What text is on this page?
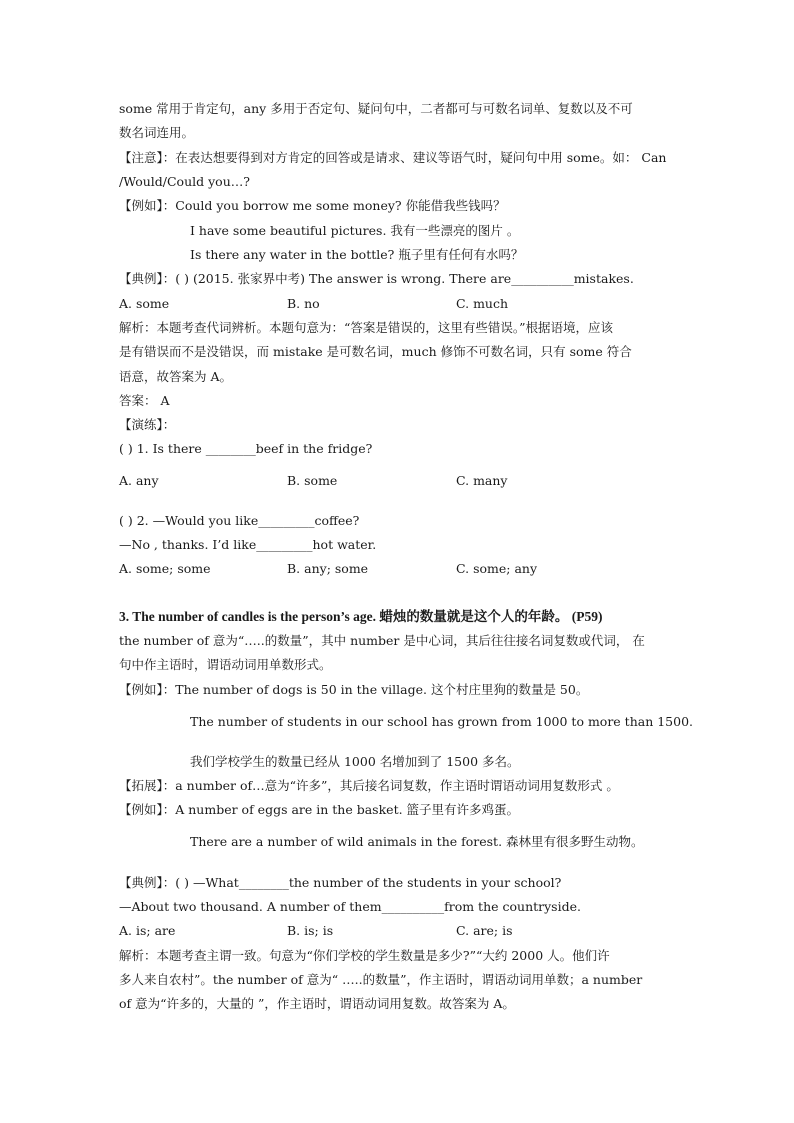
some 常用于肯定句，any 多用于否定句、疑问句中，二者都可与可数名词单、复数以及不可
数名词连用。
【注意】：在表达想要得到对方肯定的回答或是请求、建议等语气时，疑问句中用 some。如： Can
/Would/Could you…?
【例如】：Could you borrow me some money? 你能借我些钱吗？
I have some beautiful pictures. 我有一些漂亮的图片 。
Is there any water in the bottle? 瓶子里有任何有水吗？
【典例】：( ) (2015. 张家界中考) The answer is wrong. There are__________mistakes.
A. some	B. no	C. much
解析：本题考查代词辨析。本题句意为：“答案是错误的，这里有些错误。”根据语境，应该
是有错误而不是没错误，而 mistake 是可数名词，much 修饰不可数名词，只有 some 符合
语意，故答案为 A。
答案： A
【演练】：
( ) 1. Is there ________beef in the fridge?
A. any	B. some	C. many
( ) 2. —Would you like_________coffee?
—No , thanks. I’d like_________hot water.
A. some; some	B. any; some	C. some; any
3. The number of candles is the person’s age. 蜡烛的数量就是这个人的年龄。 (P59)
the number of 意为“…..的数量”，其中 number 是中心词，其后往往接名词复数或代词， 在
句中作主语时，谓语动词用单数形式。
【例如】：The number of dogs is 50 in the village. 这个村庄里狗的数量是 50。
The number of students in our school has grown from 1000 to more than 1500.
我们学校学生的数量已经从 1000 名增加到了 1500 多名。
【拓展】：a number of…意为“许多”，其后接名词复数，作主语时谓语动词用复数形式 。
【例如】：A number of eggs are in the basket. 篮子里有许多鸡蛋。
There are a number of wild animals in the forest. 森林里有很多野生动物。
【典例】：( ) —What________the number of the students in your school?
—About two thousand. A number of them__________from the countryside.
A. is; are	B. is; is	C. are; is
解析：本题考查主谓一致。句意为“你们学校的学生数量是多少?”“大约 2000 人。他们许
多人来自农村”。the number of 意为“ …..的数量”，作主语时，谓语动词用单数；a number
of 意为“许多的，大量的 ”，作主语时，谓语动词用复数。故答案为 A。
